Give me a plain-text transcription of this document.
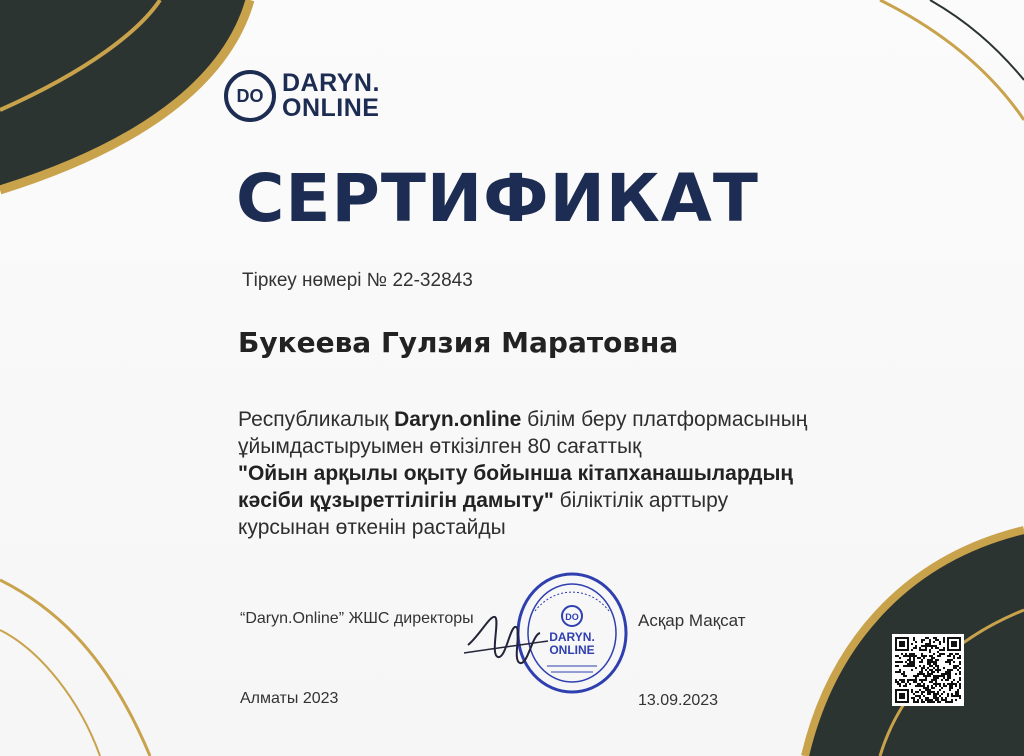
DO DARYN.
ONLINE
СЕРТИФИКАТ
Тіркеу нөмері № 22-32843
Букеева Гулзия Маратовна
Республикалық Daryn.online білім беру платформасының
ұйымдастыруымен өткізілген 80 сағаттық
"Ойын арқылы оқыту бойынша кітапханашылардың
кәсіби құзыреттілігін дамыту" біліктілік арттыру
курсынан өткенін растайды
DO
DARYN.
ONLINE
“Daryn.Online” ЖШС директоры	Асқар Мақсат
Алматы 2023	13.09.2023
